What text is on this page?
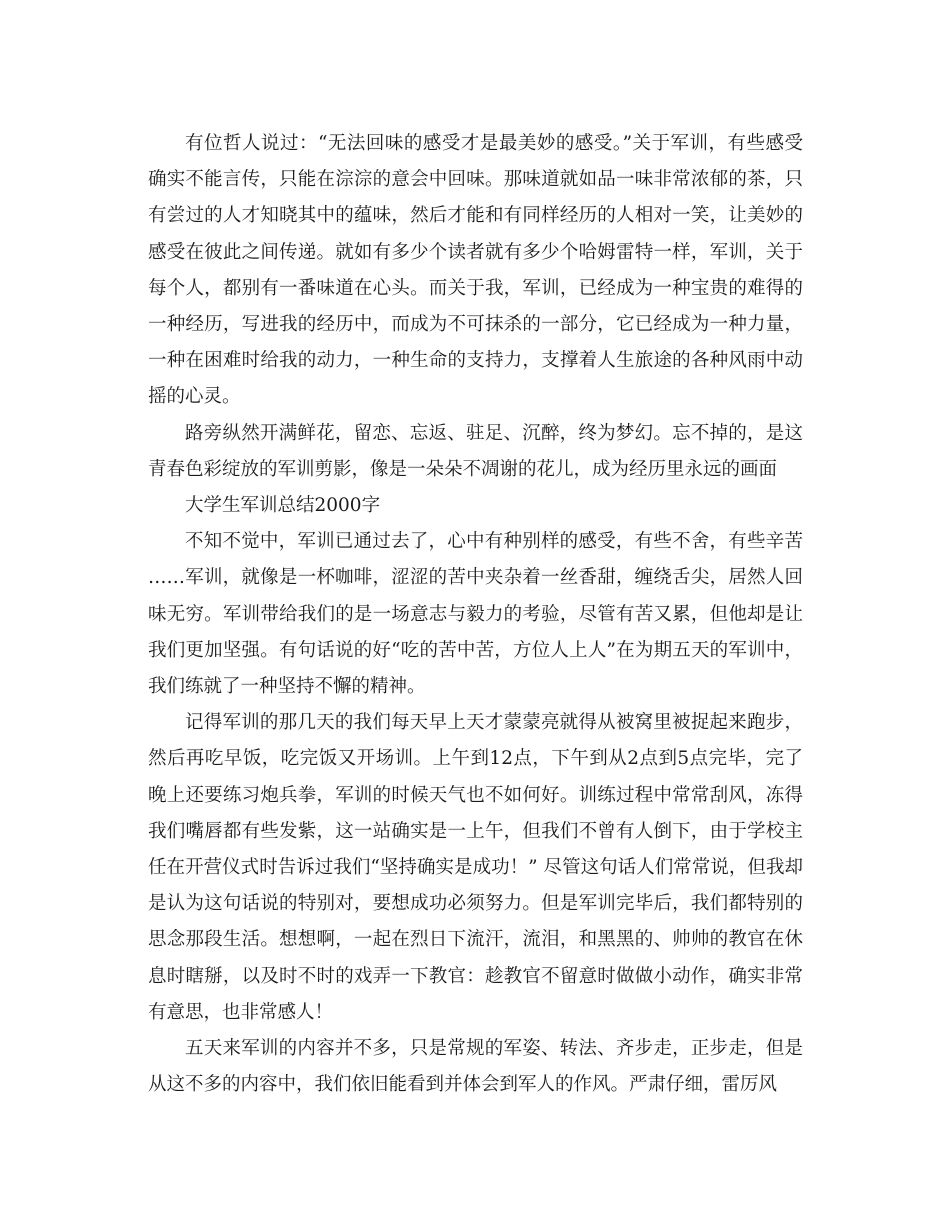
有位哲人说过：“无法回味的感受才是最美妙的感受。”关于军训，有些感受确实不能言传，只能在淙淙的意会中回味。那味道就如品一味非常浓郁的茶，只有尝过的人才知晓其中的蕴味，然后才能和有同样经历的人相对一笑，让美妙的感受在彼此之间传递。就如有多少个读者就有多少个哈姆雷特一样，军训，关于每个人，都别有一番味道在心头。而关于我，军训，已经成为一种宝贵的难得的一种经历，写进我的经历中，而成为不可抹杀的一部分，它已经成为一种力量，一种在困难时给我的动力，一种生命的支持力，支撑着人生旅途的各种风雨中动摇的心灵。

路旁纵然开满鲜花，留恋、忘返、驻足、沉醉，终为梦幻。忘不掉的，是这青春色彩绽放的军训剪影，像是一朵朵不凋谢的花儿，成为经历里永远的画面

大学生军训总结2000字

不知不觉中，军训已通过去了，心中有种别样的感受，有些不舍，有些辛苦……军训，就像是一杯咖啡，涩涩的苦中夹杂着一丝香甜，缠绕舌尖，居然人回味无穷。军训带给我们的是一场意志与毅力的考验，尽管有苦又累，但他却是让我们更加坚强。有句话说的好“吃的苦中苦，方位人上人”在为期五天的军训中，我们练就了一种坚持不懈的精神。

记得军训的那几天的我们每天早上天才蒙蒙亮就得从被窝里被捉起来跑步，然后再吃早饭，吃完饭又开场训。上午到12点，下午到从2点到5点完毕，完了晚上还要练习炮兵拳，军训的时候天气也不如何好。训练过程中常常刮风，冻得我们嘴唇都有些发紫，这一站确实是一上午，但我们不曾有人倒下，由于学校主任在开营仪式时告诉过我们“坚持确实是成功！” 尽管这句话人们常常说，但我却是认为这句话说的特别对，要想成功必须努力。但是军训完毕后，我们都特别的思念那段生活。想想啊，一起在烈日下流汗，流泪，和黑黑的、帅帅的教官在休息时瞎掰，以及时不时的戏弄一下教官：趁教官不留意时做做小动作，确实非常有意思，也非常感人！

五天来军训的内容并不多，只是常规的军姿、转法、齐步走，正步走，但是从这不多的内容中，我们依旧能看到并体会到军人的作风。严肃仔细，雷厉风
